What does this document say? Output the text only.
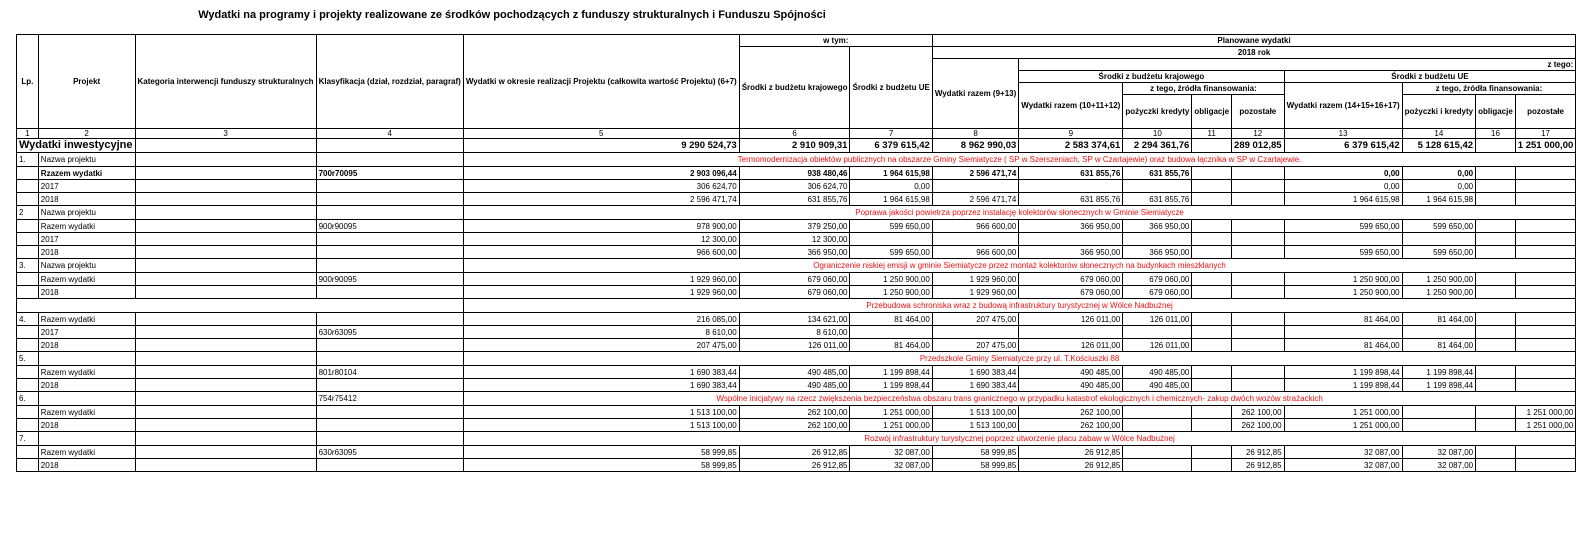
Wydatki na programy i projekty realizowane ze środków pochodzących z funduszy strukturalnych i Funduszu Spójności
Lp.	Projekt	Kategoria interwencji funduszy strukturalnych	Klasyfikacja (dział, rozdział, paragraf)	Wydatki w okresie realizacji Projektu (całkowita wartość Projektu) (6+7)	w tym:		Planowane wydatki								
					Środki z budżetu krajowego	Środki z budżetu UE	2018 rok								
							Wydatki razem (9+13)	z tego:							
								Środki z budżetu krajowego				Środki z budżetu UE			
								Wydatki razem (10+11+12)	z tego, źródła finansowania:			Wydatki razem (14+15+16+17)	z tego, źródła finansowania:		
									pożyczki kredyty	obligacje	pozostałe		pożyczki i kredyty	obligacje	pozostałe
1	2	3	4	5	6	7	8	9	10	11	12	13	14	16	17
Wydatki inwestycyjne				9 290 524,73	2 910 909,31	6 379 615,42	8 962 990,03	2 583 374,61	2 294 361,76		289 012,85	6 379 615,42	5 128 615,42		1 251 000,00
1.	Nazwa projektu			Termomodernizacja obiektów publicznych na obszarze Gminy Siemiatycze ( SP w Szerszeniach, SP w Czartajewie) oraz budowa łącznika w SP w Czartajewie.											
	Rzazem wydatki		700r70095	2 903 096,44	938 480,46	1 964 615,98	2 596 471,74	631 855,76	631 855,76			0,00	0,00		
	2017			306 624,70	306 624,70	0,00						0,00	0,00		
	2018			2 596 471,74	631 855,76	1 964 615,98	2 596 471,74	631 855,76	631 855,76			1 964 615,98	1 964 615,98		
2	Nazwa projektu			Poprawa jakości powietrza poprzez instalację kolektorów słonecznych w Gminie Siemiatycze											
	Razem wydatki		900r90095	978 900,00	379 250,00	599 650,00	966 600,00	366 950,00	366 950,00			599 650,00	599 650,00		
	2017			12 300,00	12 300,00										
	2018			966 600,00	366 950,00	599 650,00	966 600,00	366 950,00	366 950,00			599 650,00	599 650,00		
3.	Nazwa projektu			Ograniczenie niskiej emisji w gminie Siemiatycze przez montaż kolektorów słonecznych na budynkach mieszklanych											
	Razem wydatki		900r90095	1 929 960,00	679 060,00	1 250 900,00	1 929 960,00	679 060,00	679 060,00			1 250 900,00	1 250 900,00		
	2018			1 929 960,00	679 060,00	1 250 900,00	1 929 960,00	679 060,00	679 060,00			1 250 900,00	1 250 900,00		
				Przebudowa schroniska wraz z budową infrastruktury turystycznej w Wólce Nadbużnej											
4.	Razem wydatki			216 085,00	134 621,00	81 464,00	207 475,00	126 011,00	126 011,00			81 464,00	81 464,00		
	2017		630r63095	8 610,00	8 610,00										
	2018			207 475,00	126 011,00	81 464,00	207 475,00	126 011,00	126 011,00			81 464,00	81 464,00		
5.				Przedszkole Gminy Siemiatycze przy ul. T.Kościuszki 88											
	Razem wydatki		801r80104	1 690 383,44	490 485,00	1 199 898,44	1 690 383,44	490 485,00	490 485,00			1 199 898,44	1 199 898,44		
	2018			1 690 383,44	490 485,00	1 199 898,44	1 690 383,44	490 485,00	490 485,00			1 199 898,44	1 199 898,44		
6.			754r75412	Wspólne inicjatywy na rzecz zwiększenia bezpieczeństwa obszaru trans granicznego w przypadku katastrof ekologicznych i chemicznych- zakup dwóch wozów strażackich											
	Razem wydatki			1 513 100,00	262 100,00	1 251 000,00	1 513 100,00	262 100,00			262 100,00	1 251 000,00			1 251 000,00
	2018			1 513 100,00	262 100,00	1 251 000,00	1 513 100,00	262 100,00			262 100,00	1 251 000,00			1 251 000,00
7.				Rozwój infrastruktury turystycznej poprzez utworzenie placu zabaw w Wólce Nadbużnej											
	Razem wydatki		630r63095	58 999,85	26 912,85	32 087,00	58 999,85	26 912,85			26 912,85	32 087,00	32 087,00		
	2018			58 999,85	26 912,85	32 087,00	58 999,85	26 912,85			26 912,85	32 087,00	32 087,00		
